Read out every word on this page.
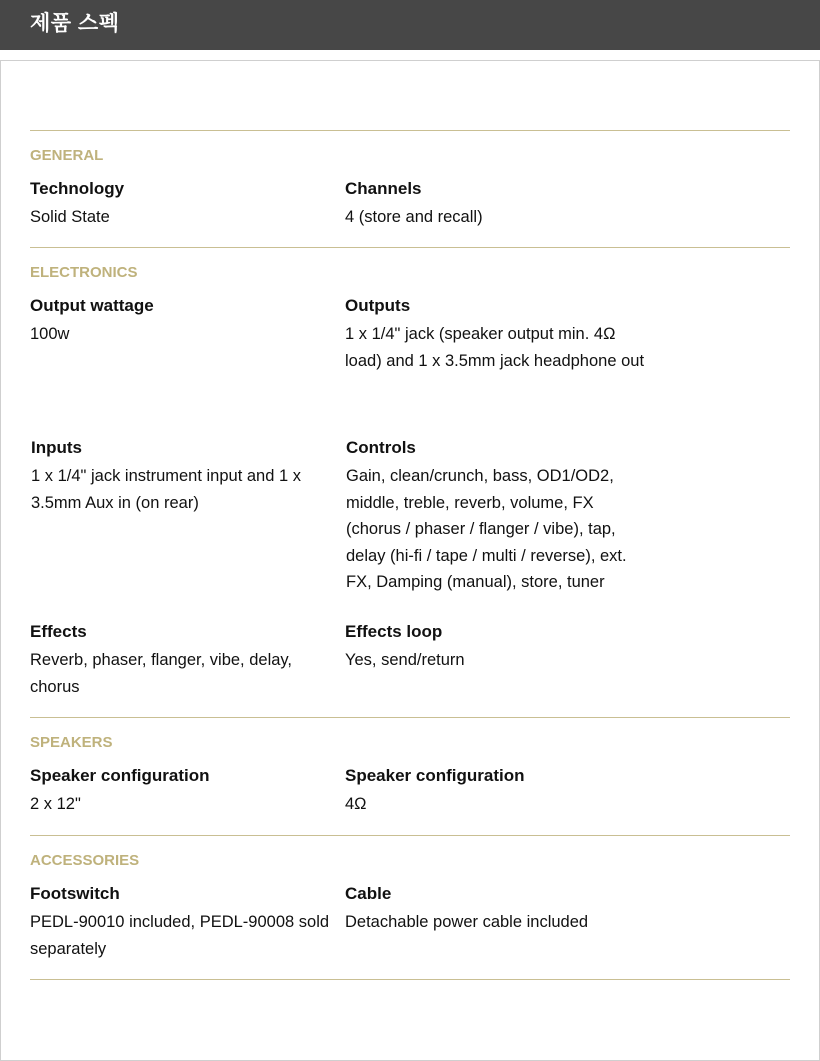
제품 스펙
GENERAL
Technology
Solid State
Channels
4 (store and recall)
ELECTRONICS
Output wattage
100w
Outputs
1 x 1/4" jack (speaker output min. 4Ω load) and 1 x 3.5mm jack headphone out
Inputs
1 x 1/4" jack instrument input and 1 x 3.5mm Aux in (on rear)
Controls
Gain, clean/crunch, bass, OD1/OD2, middle, treble, reverb, volume, FX (chorus / phaser / flanger / vibe), tap, delay (hi-fi / tape / multi / reverse), ext. FX, Damping (manual), store, tuner
Effects
Reverb, phaser, flanger, vibe, delay, chorus
Effects loop
Yes, send/return
SPEAKERS
Speaker configuration
2 x 12"
Speaker configuration
4Ω
ACCESSORIES
Footswitch
PEDL-90010 included, PEDL-90008 sold separately
Cable
Detachable power cable included
